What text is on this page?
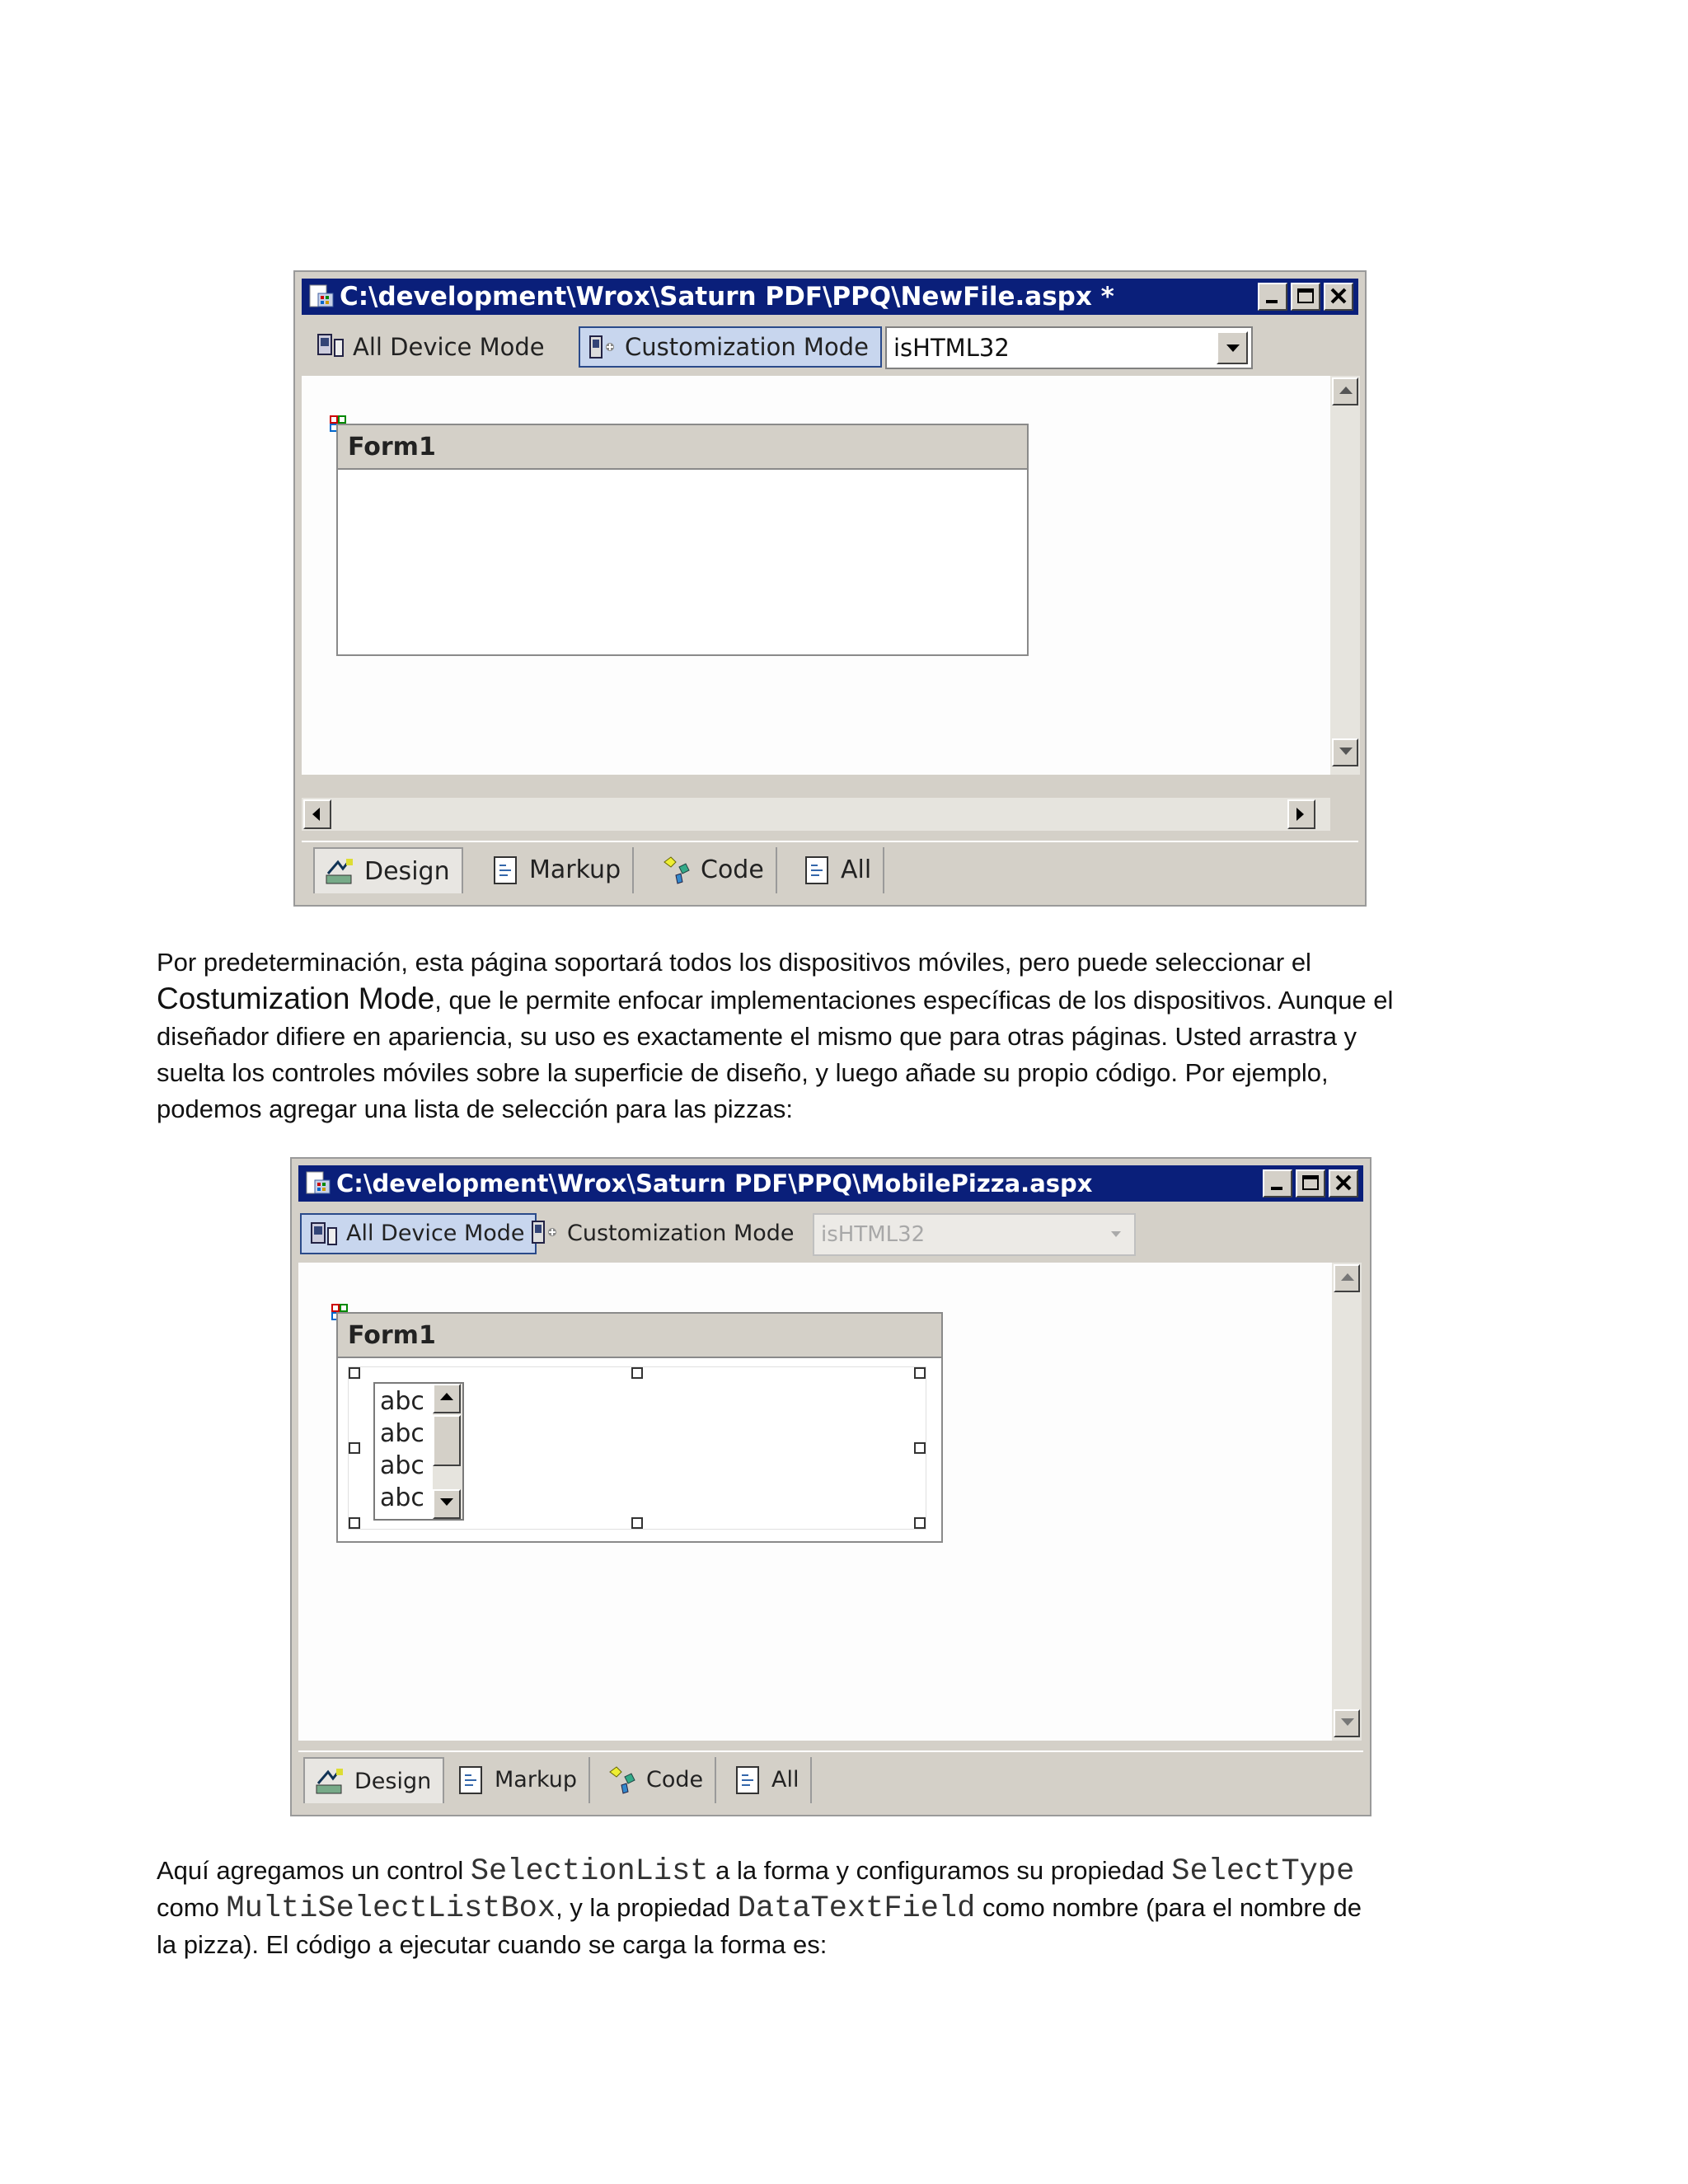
C:\development\Wrox\Saturn PDF\PPQ\NewFile.aspx *
All Device Mode	Customization Mode	isHTML32
Form1
Design	Markup	Code	All
Por predeterminación, esta página soportará todos los dispositivos móviles, pero puede seleccionar el
Costumization Mode, que le permite enfocar implementaciones específicas de los dispositivos. Aunque el
diseñador difiere en apariencia, su uso es exactamente el mismo que para otras páginas. Usted arrastra y
suelta los controles móviles sobre la superficie de diseño, y luego añade su propio código. Por ejemplo,
podemos agregar una lista de selección para las pizzas:
C:\development\Wrox\Saturn PDF\PPQ\MobilePizza.aspx
All Device Mode	Customization Mode	isHTML32
Form1
abc
abc
abc
abc
Design	Markup	Code	All
Aquí agregamos un control SelectionList a la forma y configuramos su propiedad SelectType
como MultiSelectListBox, y la propiedad DataTextField como nombre (para el nombre de
la pizza). El código a ejecutar cuando se carga la forma es:
